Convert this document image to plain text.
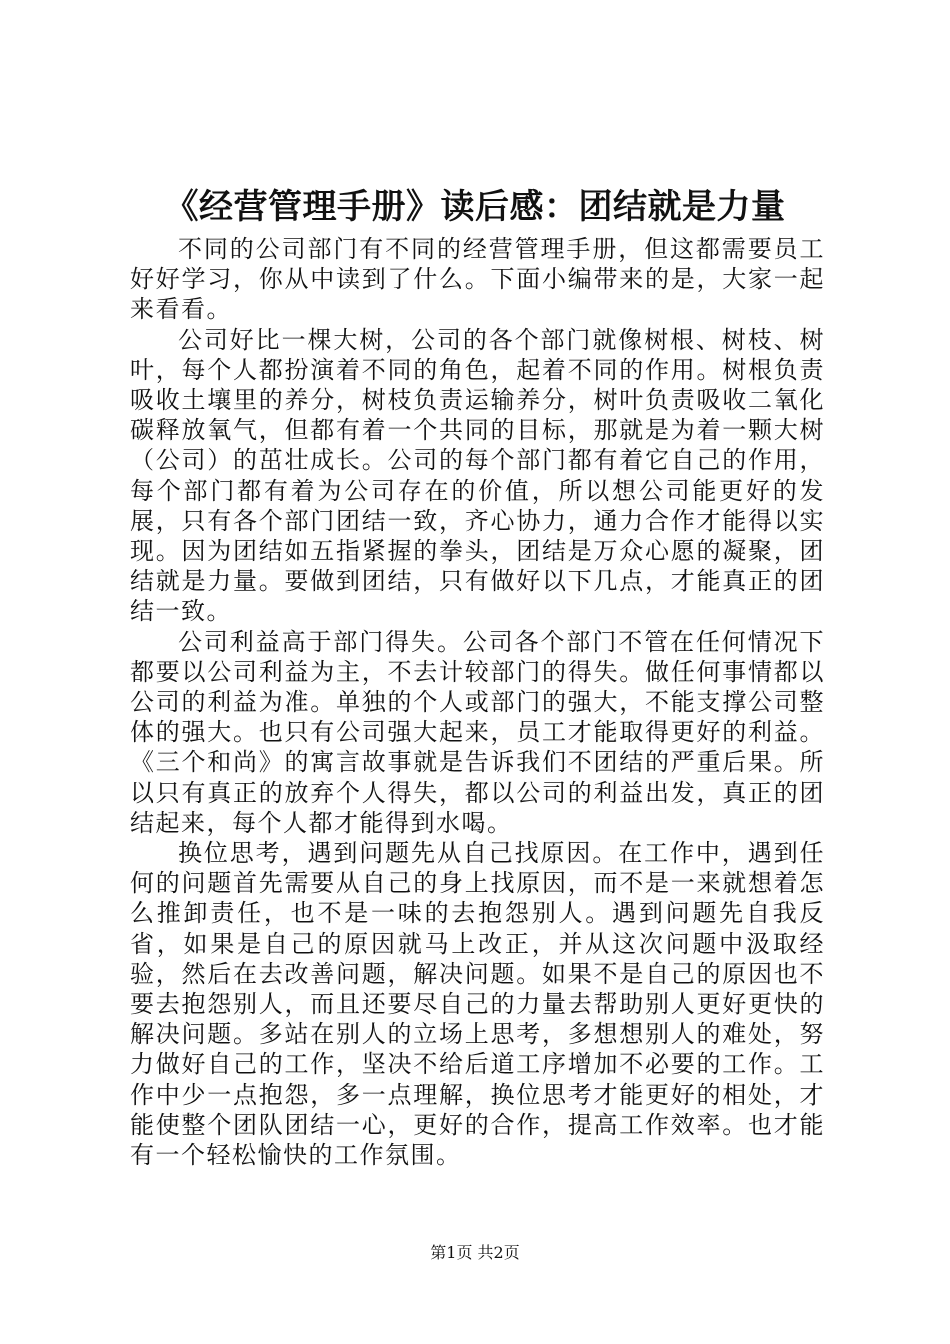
《经营管理手册》读后感：团结就是力量

不同的公司部门有不同的经营管理手册，但这都需要员工好好学习，你从中读到了什么。下面小编带来的是，大家一起来看看。

公司好比一棵大树，公司的各个部门就像树根、树枝、树叶，每个人都扮演着不同的角色，起着不同的作用。树根负责吸收土壤里的养分，树枝负责运输养分，树叶负责吸收二氧化碳释放氧气，但都有着一个共同的目标，那就是为着一颗大树（公司）的茁壮成长。公司的每个部门都有着它自己的作用，每个部门都有着为公司存在的价值，所以想公司能更好的发展，只有各个部门团结一致，齐心协力，通力合作才能得以实现。因为团结如五指紧握的拳头，团结是万众心愿的凝聚，团结就是力量。要做到团结，只有做好以下几点，才能真正的团结一致。

公司利益高于部门得失。公司各个部门不管在任何情况下都要以公司利益为主，不去计较部门的得失。做任何事情都以公司的利益为准。单独的个人或部门的强大，不能支撑公司整体的强大。也只有公司强大起来，员工才能取得更好的利益。《三个和尚》的寓言故事就是告诉我们不团结的严重后果。所以只有真正的放弃个人得失，都以公司的利益出发，真正的团结起来，每个人都才能得到水喝。

换位思考，遇到问题先从自己找原因。在工作中，遇到任何的问题首先需要从自己的身上找原因，而不是一来就想着怎么推卸责任，也不是一味的去抱怨别人。遇到问题先自我反省，如果是自己的原因就马上改正，并从这次问题中汲取经验，然后在去改善问题，解决问题。如果不是自己的原因也不要去抱怨别人，而且还要尽自己的力量去帮助别人更好更快的解决问题。多站在别人的立场上思考，多想想别人的难处，努力做好自己的工作，坚决不给后道工序增加不必要的工作。工作中少一点抱怨，多一点理解，换位思考才能更好的相处，才能使整个团队团结一心，更好的合作，提高工作效率。也才能有一个轻松愉快的工作氛围。

第1页 共2页
